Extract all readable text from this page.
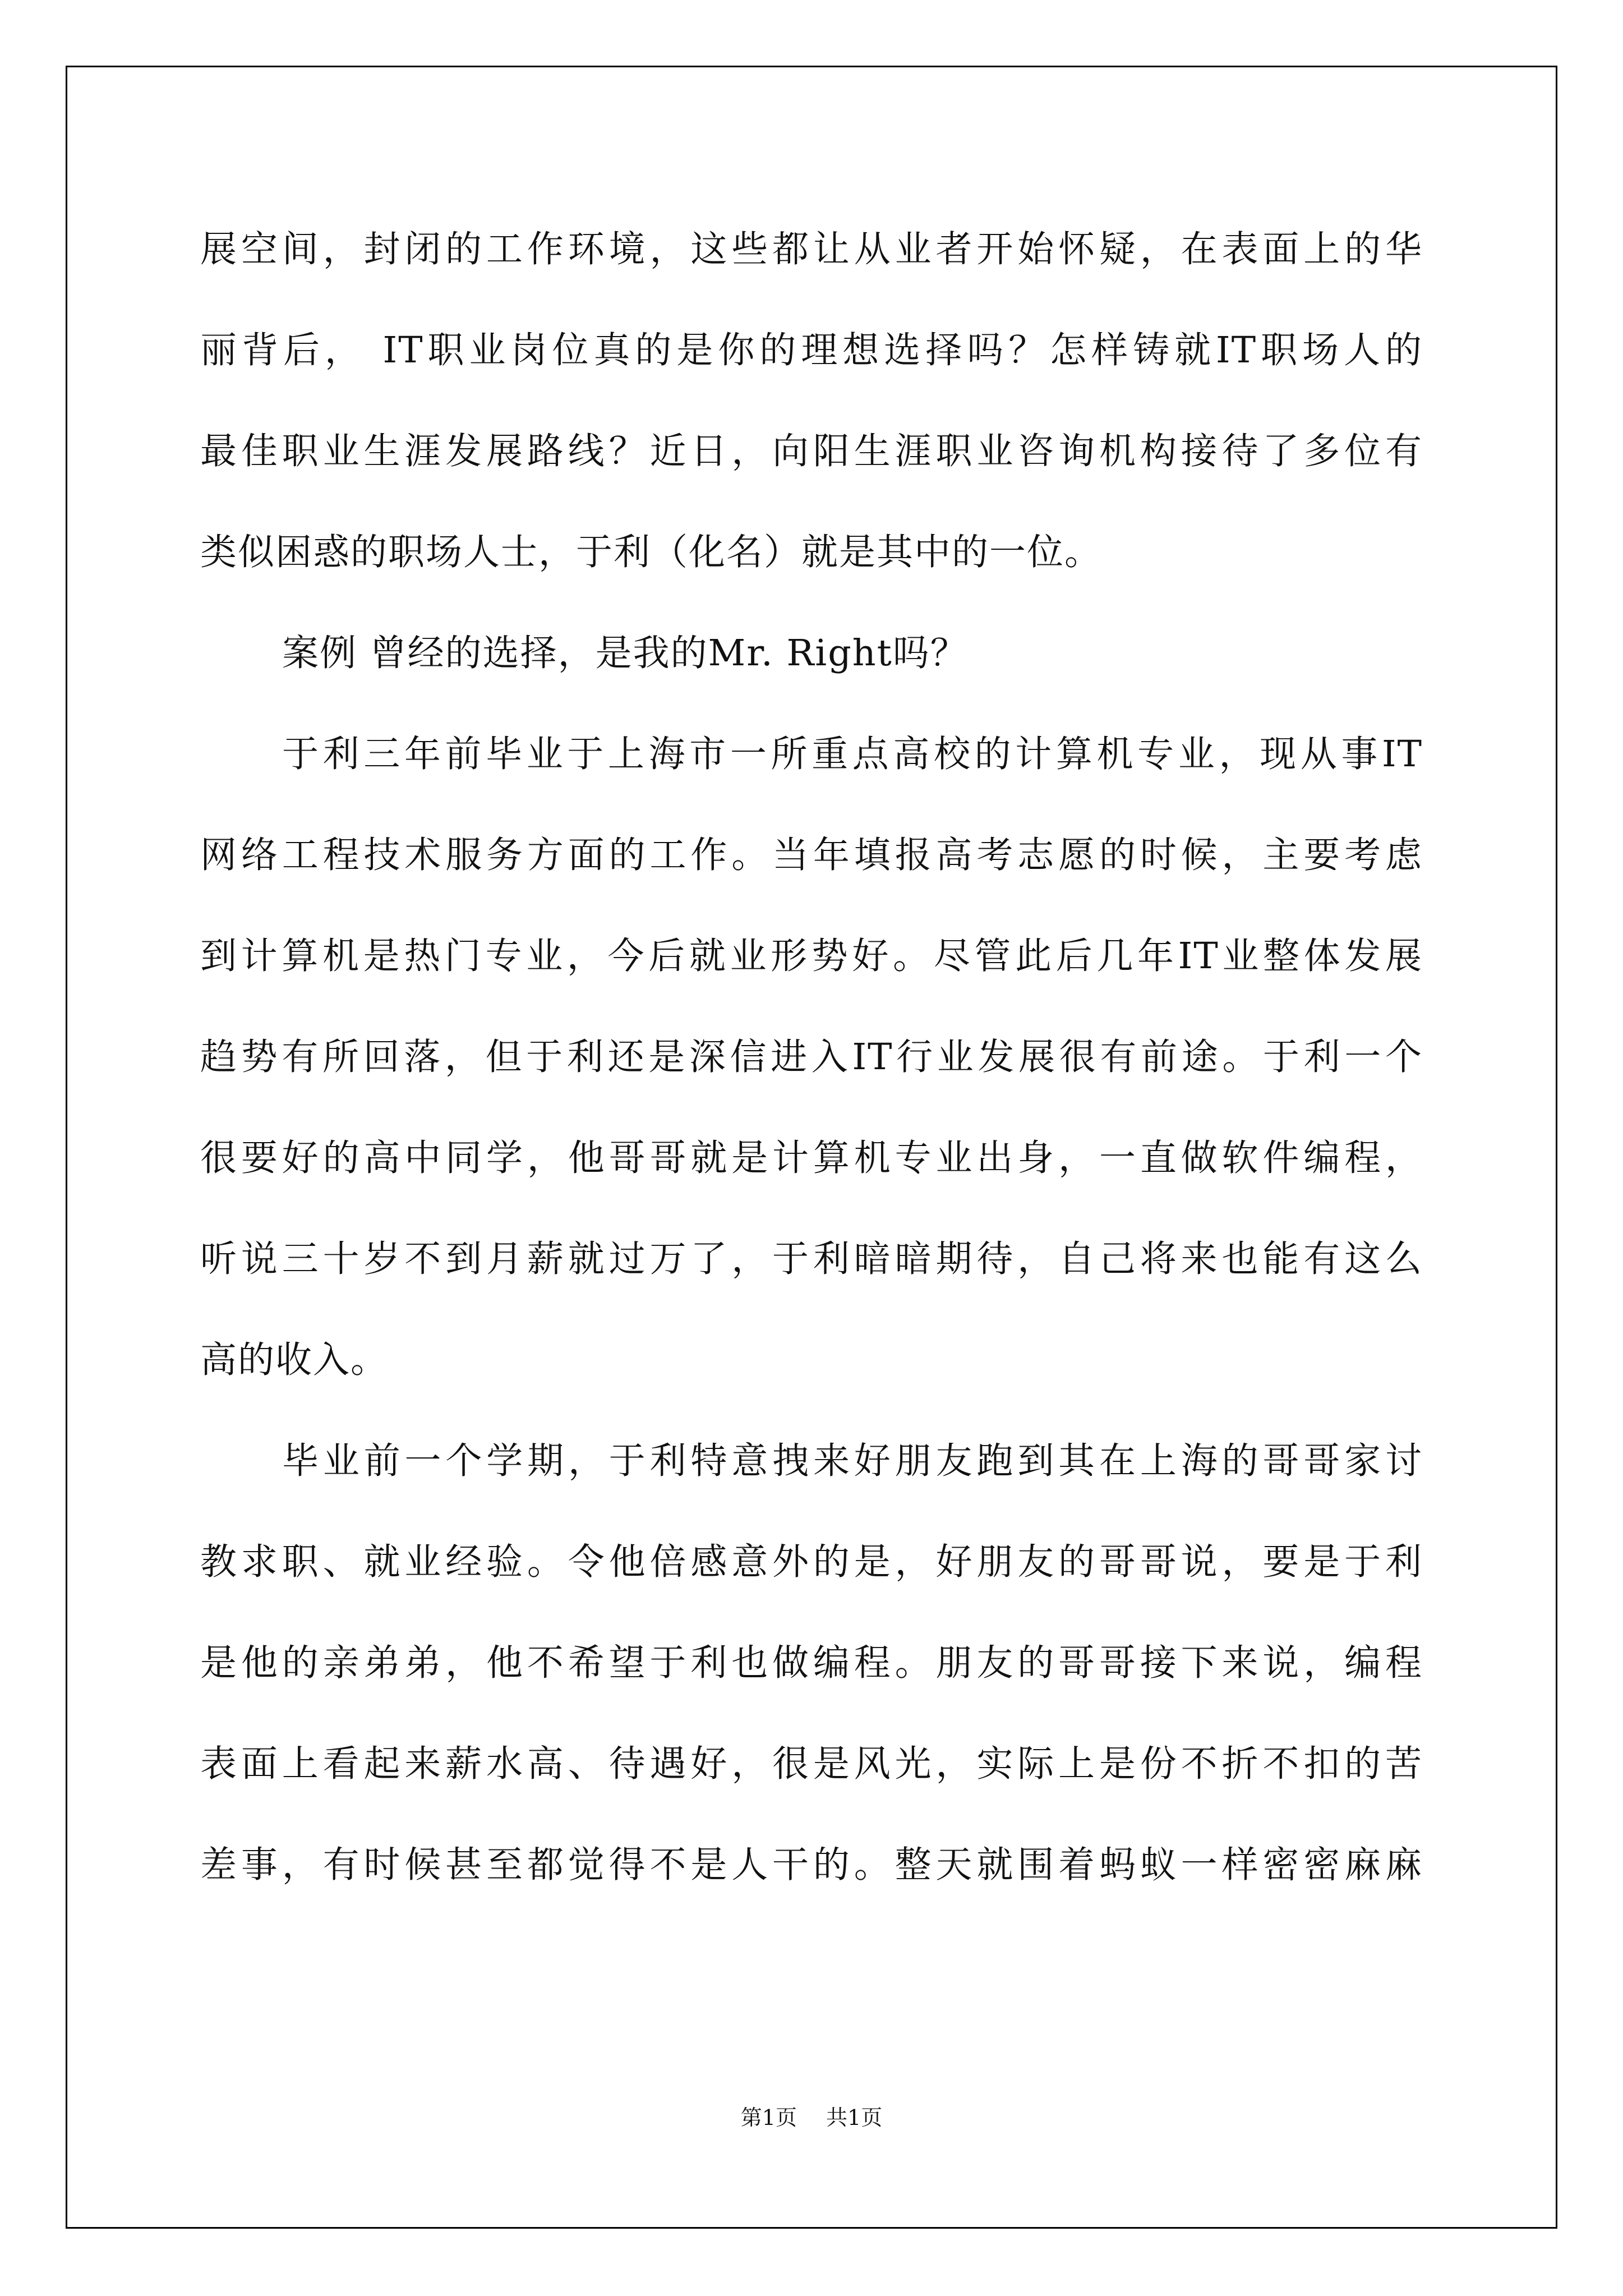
展空间，封闭的工作环境，这些都让从业者开始怀疑，在表面上的华
丽背后， IT职业岗位真的是你的理想选择吗？怎样铸就IT职场人的
最佳职业生涯发展路线？近日，向阳生涯职业咨询机构接待了多位有
类似困惑的职场人士，于利（化名）就是其中的一位。
案例 曾经的选择，是我的Mr. Right吗？
于利三年前毕业于上海市一所重点高校的计算机专业，现从事IT
网络工程技术服务方面的工作。当年填报高考志愿的时候，主要考虑
到计算机是热门专业，今后就业形势好。尽管此后几年IT业整体发展
趋势有所回落，但于利还是深信进入IT行业发展很有前途。于利一个
很要好的高中同学，他哥哥就是计算机专业出身，一直做软件编程，
听说三十岁不到月薪就过万了，于利暗暗期待，自己将来也能有这么
高的收入。
毕业前一个学期，于利特意拽来好朋友跑到其在上海的哥哥家讨
教求职、就业经验。令他倍感意外的是，好朋友的哥哥说，要是于利
是他的亲弟弟，他不希望于利也做编程。朋友的哥哥接下来说，编程
表面上看起来薪水高、待遇好，很是风光，实际上是份不折不扣的苦
差事，有时候甚至都觉得不是人干的。整天就围着蚂蚁一样密密麻麻
第1页 共1页
